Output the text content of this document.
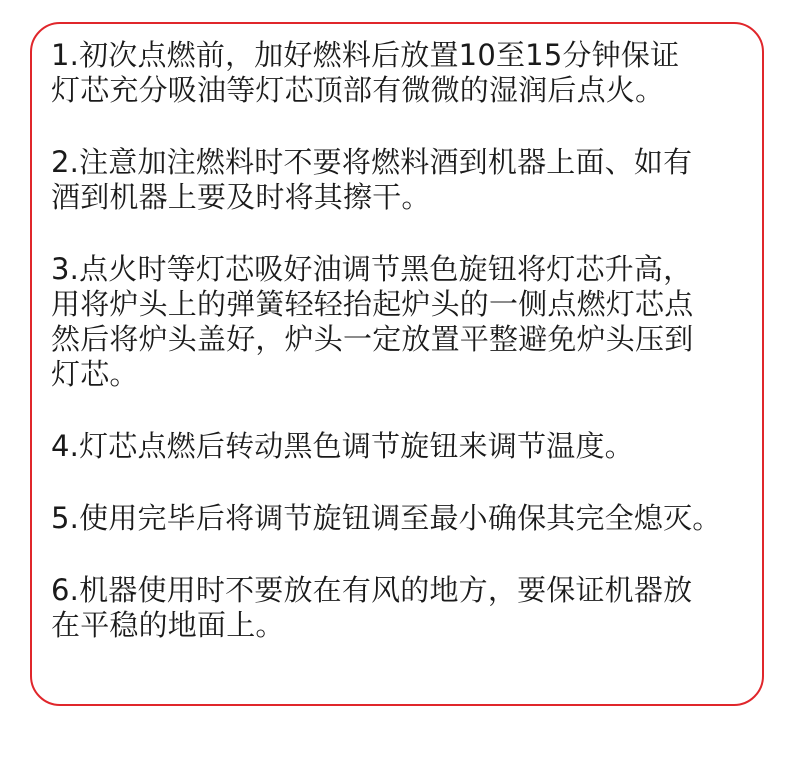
1.初次点燃前，加好燃料后放置10至15分钟保证
灯芯充分吸油等灯芯顶部有微微的湿润后点火。
2.注意加注燃料时不要将燃料酒到机器上面、如有
酒到机器上要及时将其擦干。
3.点火时等灯芯吸好油调节黑色旋钮将灯芯升高，
用将炉头上的弹簧轻轻抬起炉头的一侧点燃灯芯点
然后将炉头盖好，炉头一定放置平整避免炉头压到
灯芯。
4.灯芯点燃后转动黑色调节旋钮来调节温度。
5.使用完毕后将调节旋钮调至最小确保其完全熄灭。
6.机器使用时不要放在有风的地方，要保证机器放
在平稳的地面上。
